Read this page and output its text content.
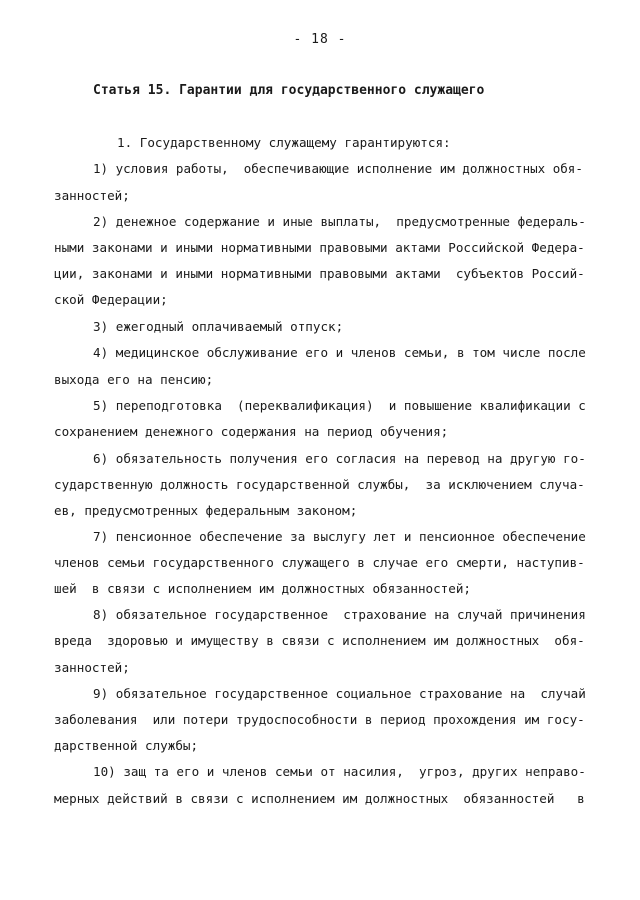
- 18 -
Статья 15. Гарантии для государственного служащего
1. Государственному служащему гарантируются:
1) условия работы,  обеспечивающие исполнение им должностных обя-
занностей;
2) денежное содержание и иные выплаты,  предусмотренные федераль-
ными законами и иными нормативными правовыми актами Российской Федера-
ции, законами и иными нормативными правовыми актами  субъектов Россий-
ской Федерации;
3) ежегодный оплачиваемый отпуск;
4) медицинское обслуживание его и членов семьи, в том числе после
выхода его на пенсию;
5) переподготовка  (переквалификация)  и повышение квалификации с
сохранением денежного содержания на период обучения;
6) обязательность получения его согласия на перевод на другую го-
сударственную должность государственной службы,  за исключением случа-
ев, предусмотренных федеральным законом;
7) пенсионное обеспечение за выслугу лет и пенсионное обеспечение
членов семьи государственного служащего в случае его смерти, наступив-
шей  в связи с исполнением им должностных обязанностей;
8) обязательное государственное  страхование на случай причинения
вреда  здоровью и имуществу в связи с исполнением им должностных  обя-
занностей;
9) обязательное государственное социальное страхование на  случай
заболевания  или потери трудоспособности в период прохождения им госу-
дарственной службы;
10) защ та его и членов семьи от насилия,  угроз, других неправо-
мерных действий в связи с исполнением им должностных  обязанностей   в
